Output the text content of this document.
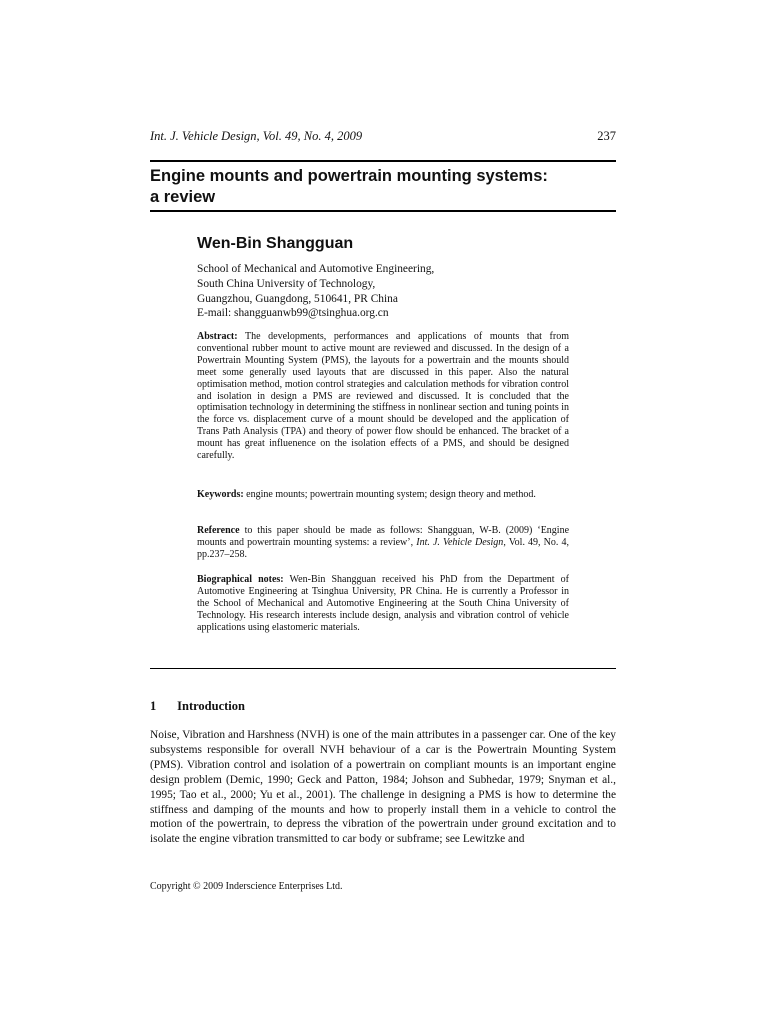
Int. J. Vehicle Design, Vol. 49, No. 4, 2009	237
Engine mounts and powertrain mounting systems:
a review
Wen-Bin Shangguan
School of Mechanical and Automotive Engineering,
South China University of Technology,
Guangzhou, Guangdong, 510641, PR China
E-mail: shangguanwb99@tsinghua.org.cn

Abstract: The developments, performances and applications of mounts that from conventional rubber mount to active mount are reviewed and discussed. In the design of a Powertrain Mounting System (PMS), the layouts for a powertrain and the mounts should meet some generally used layouts that are discussed in this paper. Also the natural optimisation method, motion control strategies and calculation methods for vibration control and isolation in design a PMS are reviewed and discussed. It is concluded that the optimisation technology in determining the stiffness in nonlinear section and tuning points in the force vs. displacement curve of a mount should be developed and the application of Trans Path Analysis (TPA) and theory of power flow should be enhanced. The bracket of a mount has great influenence on the isolation effects of a PMS, and should be designed carefully.

Keywords: engine mounts; powertrain mounting system; design theory and method.

Reference to this paper should be made as follows: Shangguan, W-B. (2009) ‘Engine mounts and powertrain mounting systems: a review’, Int. J. Vehicle Design, Vol. 49, No. 4, pp.237–258.

Biographical notes: Wen-Bin Shangguan received his PhD from the Department of Automotive Engineering at Tsinghua University, PR China. He is currently a Professor in the School of Mechanical and Automotive Engineering at the South China University of Technology. His research interests include design, analysis and vibration control of vehicle applications using elastomeric materials.

1 Introduction

Noise, Vibration and Harshness (NVH) is one of the main attributes in a passenger car. One of the key subsystems responsible for overall NVH behaviour of a car is the Powertrain Mounting System (PMS). Vibration control and isolation of a powertrain on compliant mounts is an important engine design problem (Demic, 1990; Geck and Patton, 1984; Johson and Subhedar, 1979; Snyman et al., 1995; Tao et al., 2000; Yu et al., 2001). The challenge in designing a PMS is how to determine the stiffness and damping of the mounts and how to properly install them in a vehicle to control the motion of the powertrain, to depress the vibration of the powertrain under ground excitation and to isolate the engine vibration transmitted to car body or subframe; see Lewitzke and

Copyright © 2009 Inderscience Enterprises Ltd.
